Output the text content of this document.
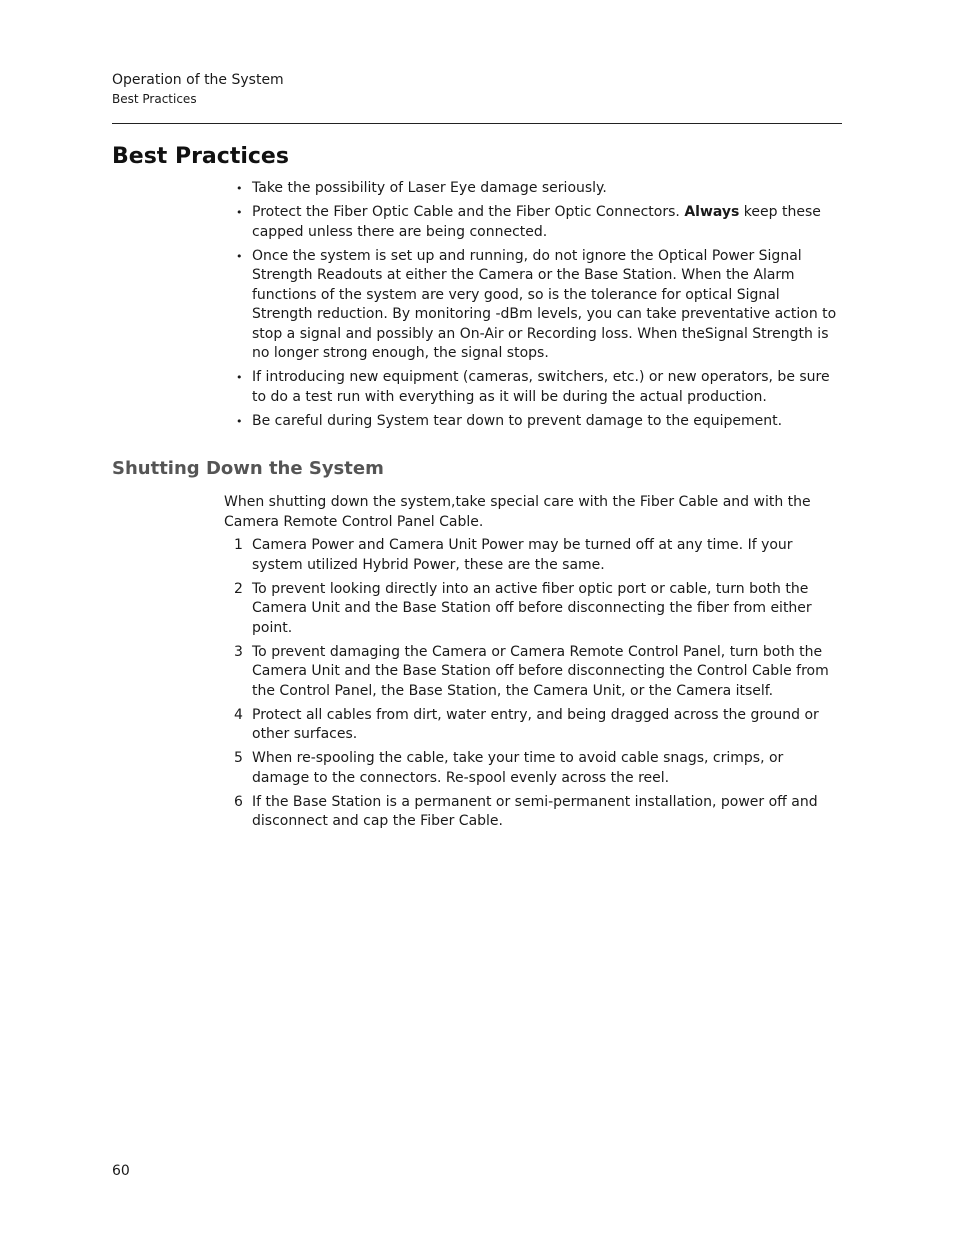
Operation of the System
Best Practices
Best Practices
• Take the possibility of Laser Eye damage seriously.
• Protect the Fiber Optic Cable and the Fiber Optic Connectors. Always keep these capped unless there are being connected.
• Once the system is set up and running, do not ignore the Optical Power Signal Strength Readouts at either the Camera or the Base Station. When the Alarm functions of the system are very good, so is the tolerance for optical Signal Strength reduction. By monitoring -dBm levels, you can take preventative action to stop a signal and possibly an On-Air or Recording loss. When theSignal Strength is no longer strong enough, the signal stops.
• If introducing new equipment (cameras, switchers, etc.) or new operators, be sure to do a test run with everything as it will be during the actual production.
• Be careful during System tear down to prevent damage to the equipement.
Shutting Down the System

When shutting down the system,take special care with the Fiber Cable and with the Camera Remote Control Panel Cable.

1 Camera Power and Camera Unit Power may be turned off at any time. If your system utilized Hybrid Power, these are the same.
2 To prevent looking directly into an active fiber optic port or cable, turn both the Camera Unit and the Base Station off before disconnecting the fiber from either point.
3 To prevent damaging the Camera or Camera Remote Control Panel, turn both the Camera Unit and the Base Station off before disconnecting the Control Cable from the Control Panel, the Base Station, the Camera Unit, or the Camera itself.
4 Protect all cables from dirt, water entry, and being dragged across the ground or other surfaces.
5 When re-spooling the cable, take your time to avoid cable snags, crimps, or damage to the connectors. Re-spool evenly across the reel.
6 If the Base Station is a permanent or semi-permanent installation, power off and disconnect and cap the Fiber Cable.
60
